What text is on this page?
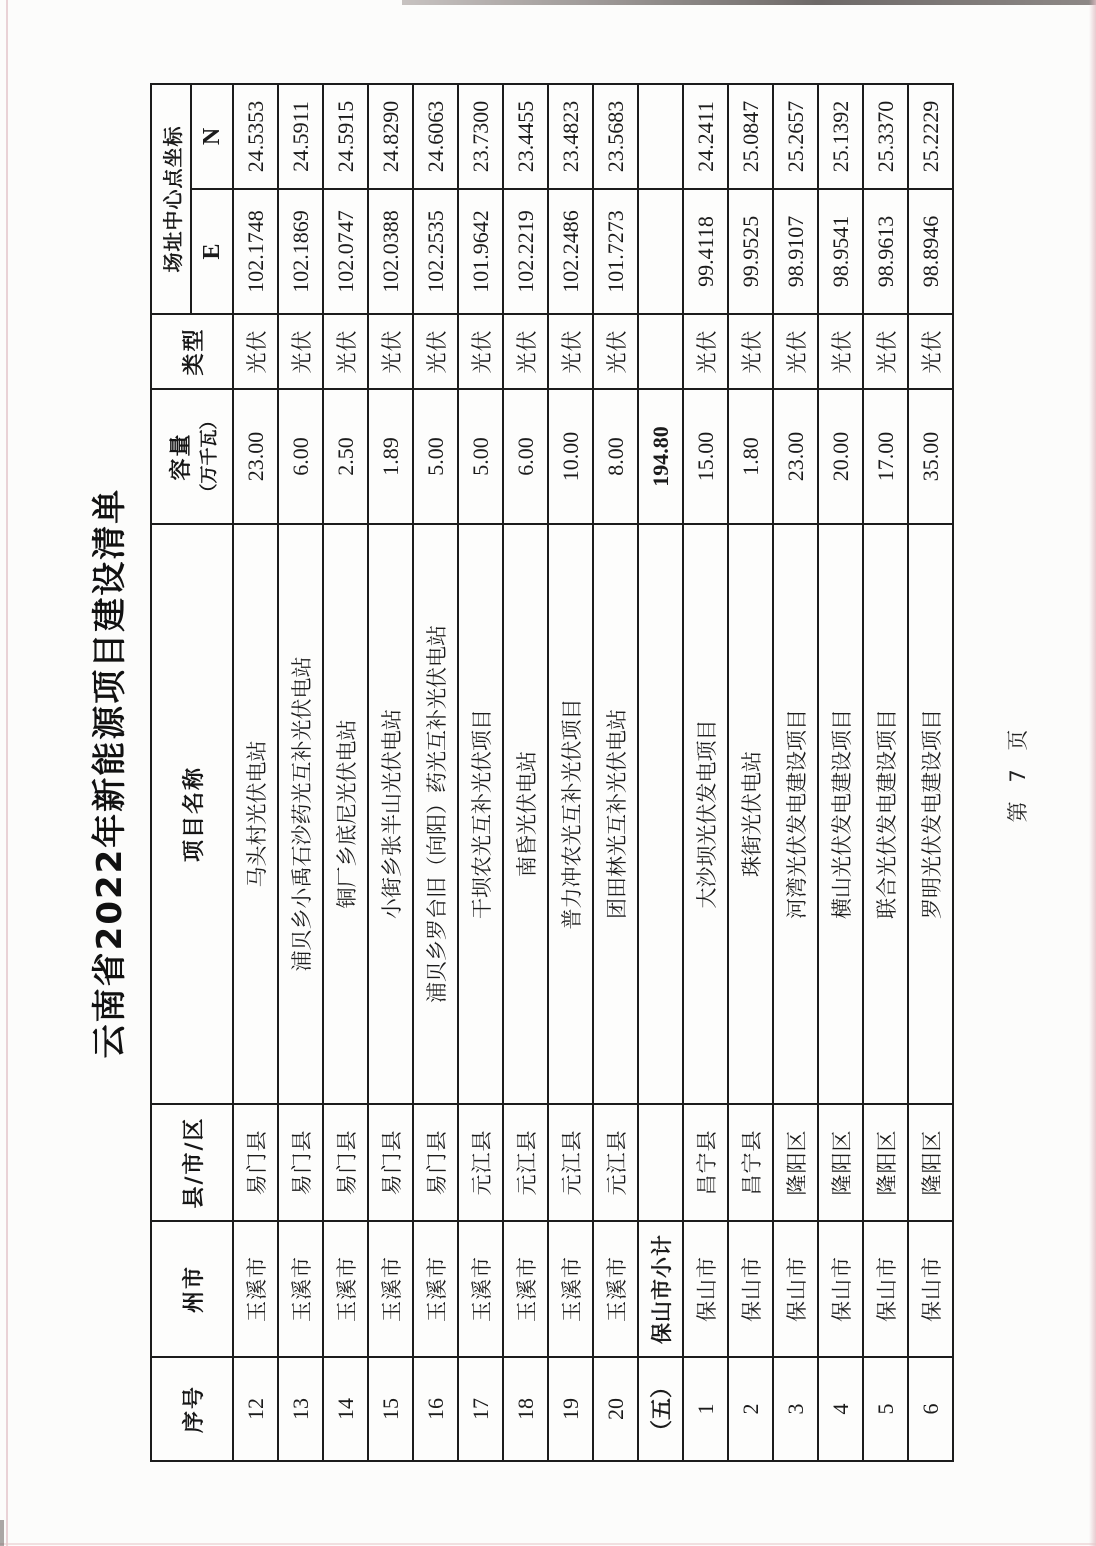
云南省2022年新能源项目建设清单
序号	州市	县/市/区	项目名称	容量 （万千瓦）	类型	场址中心点坐标	
						E	N
12	玉溪市	易门县	马头村光伏电站	23.00	光伏	102.1748	24.5353
13	玉溪市	易门县	浦贝乡小禹石沙药光互补光伏电站	6.00	光伏	102.1869	24.5911
14	玉溪市	易门县	铜厂乡底尼光伏电站	2.50	光伏	102.0747	24.5915
15	玉溪市	易门县	小街乡张半山光伏电站	1.89	光伏	102.0388	24.8290
16	玉溪市	易门县	浦贝乡罗台旧（向阳）药光互补光伏电站	5.00	光伏	102.2535	24.6063
17	玉溪市	元江县	干坝农光互补光伏项目	5.00	光伏	101.9642	23.7300
18	玉溪市	元江县	南昏光伏电站	6.00	光伏	102.2219	23.4455
19	玉溪市	元江县	普力冲农光互补光伏项目	10.00	光伏	102.2486	23.4823
20	玉溪市	元江县	团田林光互补光伏电站	8.00	光伏	101.7273	23.5683
（五）	保山市小计			194.80			
1	保山市	昌宁县	大沙坝光伏发电项目	15.00	光伏	99.4118	24.2411
2	保山市	昌宁县	珠街光伏电站	1.80	光伏	99.9525	25.0847
3	保山市	隆阳区	河湾光伏发电建设项目	23.00	光伏	98.9107	25.2657
4	保山市	隆阳区	横山光伏发电建设项目	20.00	光伏	98.9541	25.1392
5	保山市	隆阳区	联合光伏发电建设项目	17.00	光伏	98.9613	25.3370
6	保山市	隆阳区	罗明光伏发电建设项目	35.00	光伏	98.8946	25.2229
第 7 页
